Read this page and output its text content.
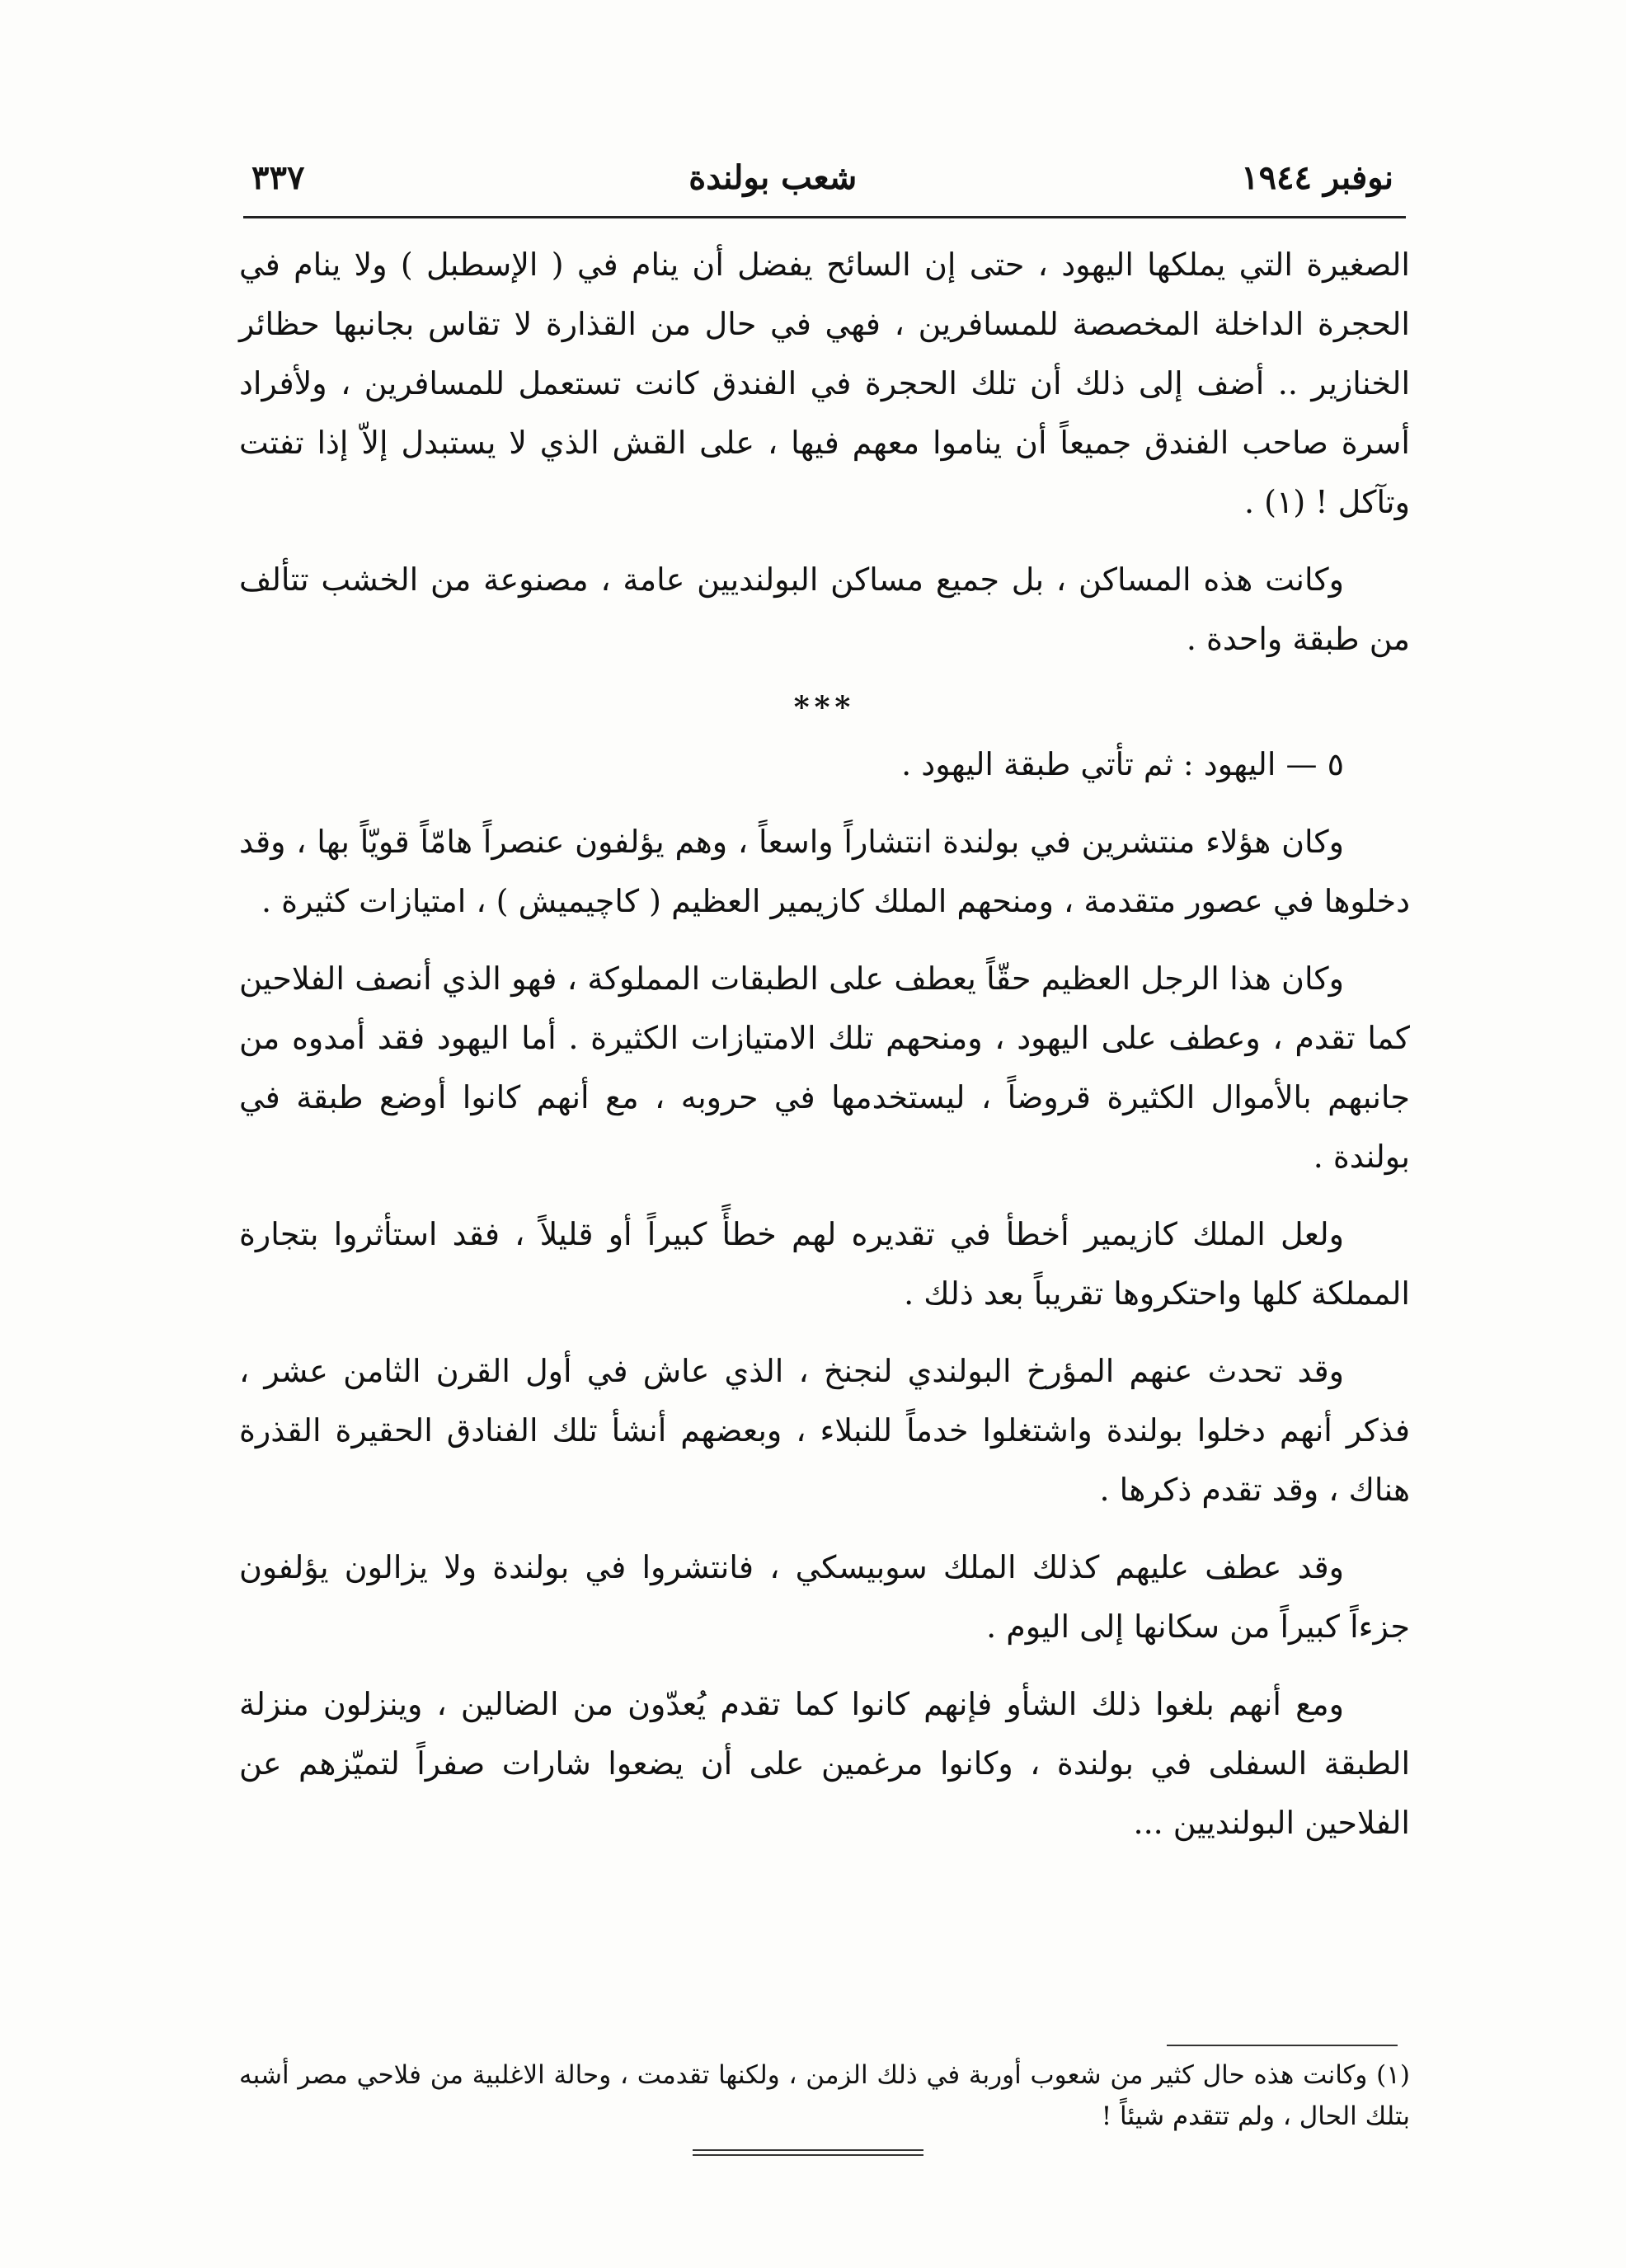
نوفبر ١٩٤٤
شعب بولندة
٣٣٧

الصغيرة التي يملكها اليهود ، حتى إن السائح يفضل أن ينام في ( الإسطبل ) ولا ينام في الحجرة الداخلة المخصصة للمسافرين ، فهي في حال من القذارة لا تقاس بجانبها حظائر الخنازير .. أضف إلى ذلك أن تلك الحجرة في الفندق كانت تستعمل للمسافرين ، ولأفراد أسرة صاحب الفندق جميعاً أن يناموا معهم فيها ، على القش الذي لا يستبدل إلاّ إذا تفتت وتآكل ! (١) .

وكانت هذه المساكن ، بل جميع مساكن البولنديين عامة ، مصنوعة من الخشب تتألف من طبقة واحدة .

***

٥ — اليهود : ثم تأتي طبقة اليهود .

وكان هؤلاء منتشرين في بولندة انتشاراً واسعاً ، وهم يؤلفون عنصراً هامّاً قويّاً بها ، وقد دخلوها في عصور متقدمة ، ومنحهم الملك كازيمير العظيم ( كاچيميش ) ، امتيازات كثيرة .

وكان هذا الرجل العظيم حقّاً يعطف على الطبقات المملوكة ، فهو الذي أنصف الفلاحين كما تقدم ، وعطف على اليهود ، ومنحهم تلك الامتيازات الكثيرة . أما اليهود فقد أمدوه من جانبهم بالأموال الكثيرة قروضاً ، ليستخدمها في حروبه ، مع أنهم كانوا أوضع طبقة في بولندة .

ولعل الملك كازيمير أخطأ في تقديره لهم خطأً كبيراً أو قليلاً ، فقد استأثروا بتجارة المملكة كلها واحتكروها تقريباً بعد ذلك .

وقد تحدث عنهم المؤرخ البولندي لنجنخ ، الذي عاش في أول القرن الثامن عشر ، فذكر أنهم دخلوا بولندة واشتغلوا خدماً للنبلاء ، وبعضهم أنشأ تلك الفنادق الحقيرة القذرة هناك ، وقد تقدم ذكرها .

وقد عطف عليهم كذلك الملك سوبيسكي ، فانتشروا في بولندة ولا يزالون يؤلفون جزءاً كبيراً من سكانها إلى اليوم .

ومع أنهم بلغوا ذلك الشأو فإنهم كانوا كما تقدم يُعدّون من الضالين ، وينزلون منزلة الطبقة السفلى في بولندة ، وكانوا مرغمين على أن يضعوا شارات صفراً لتميّزهم عن الفلاحين البولنديين ...

(١) وكانت هذه حال كثير من شعوب أوربة في ذلك الزمن ، ولكنها تقدمت ، وحالة الاغلبية من فلاحي مصر أشبه بتلك الحال ، ولم تتقدم شيئاً !
